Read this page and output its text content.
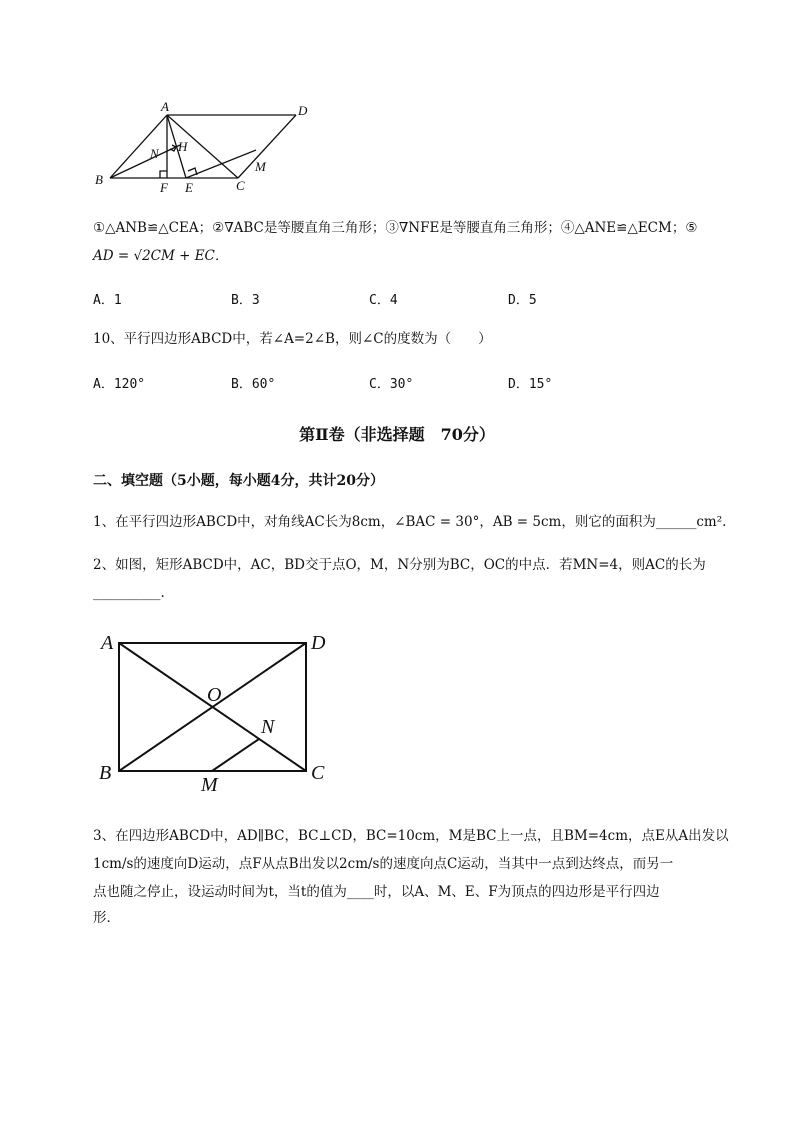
A	D
B	C
F E
N H
M
①△ANB≌△CEA；②∇ABC是等腰直角三角形；③∇NFE是等腰直角三角形；④△ANE≌△ECM；⑤
AD = √2CM + EC．
A．1	B．3	C．4	D．5
10、平行四边形ABCD中，若∠A=2∠B，则∠C的度数为（　　）
A．120°	B．60°	C．30°	D．15°
第Ⅱ卷（非选择题　70分）
二、填空题（5小题，每小题4分，共计20分）
1、在平行四边形ABCD中，对角线AC长为8cm，∠BAC = 30°，AB = 5cm，则它的面积为______cm².
2、如图，矩形ABCD中，AC，BD交于点O，M，N分别为BC，OC的中点．若MN=4，则AC的长为
__________.
A	D
O
N
B
M
C
3、在四边形ABCD中，AD∥BC，BC⊥CD，BC=10cm，M是BC上一点，且BM=4cm，点E从A出发以
1cm/s的速度向D运动，点F从点B出发以2cm/s的速度向点C运动，当其中一点到达终点，而另一
点也随之停止，设运动时间为t，当t的值为____时，以A、M、E、F为顶点的四边形是平行四边
形．
